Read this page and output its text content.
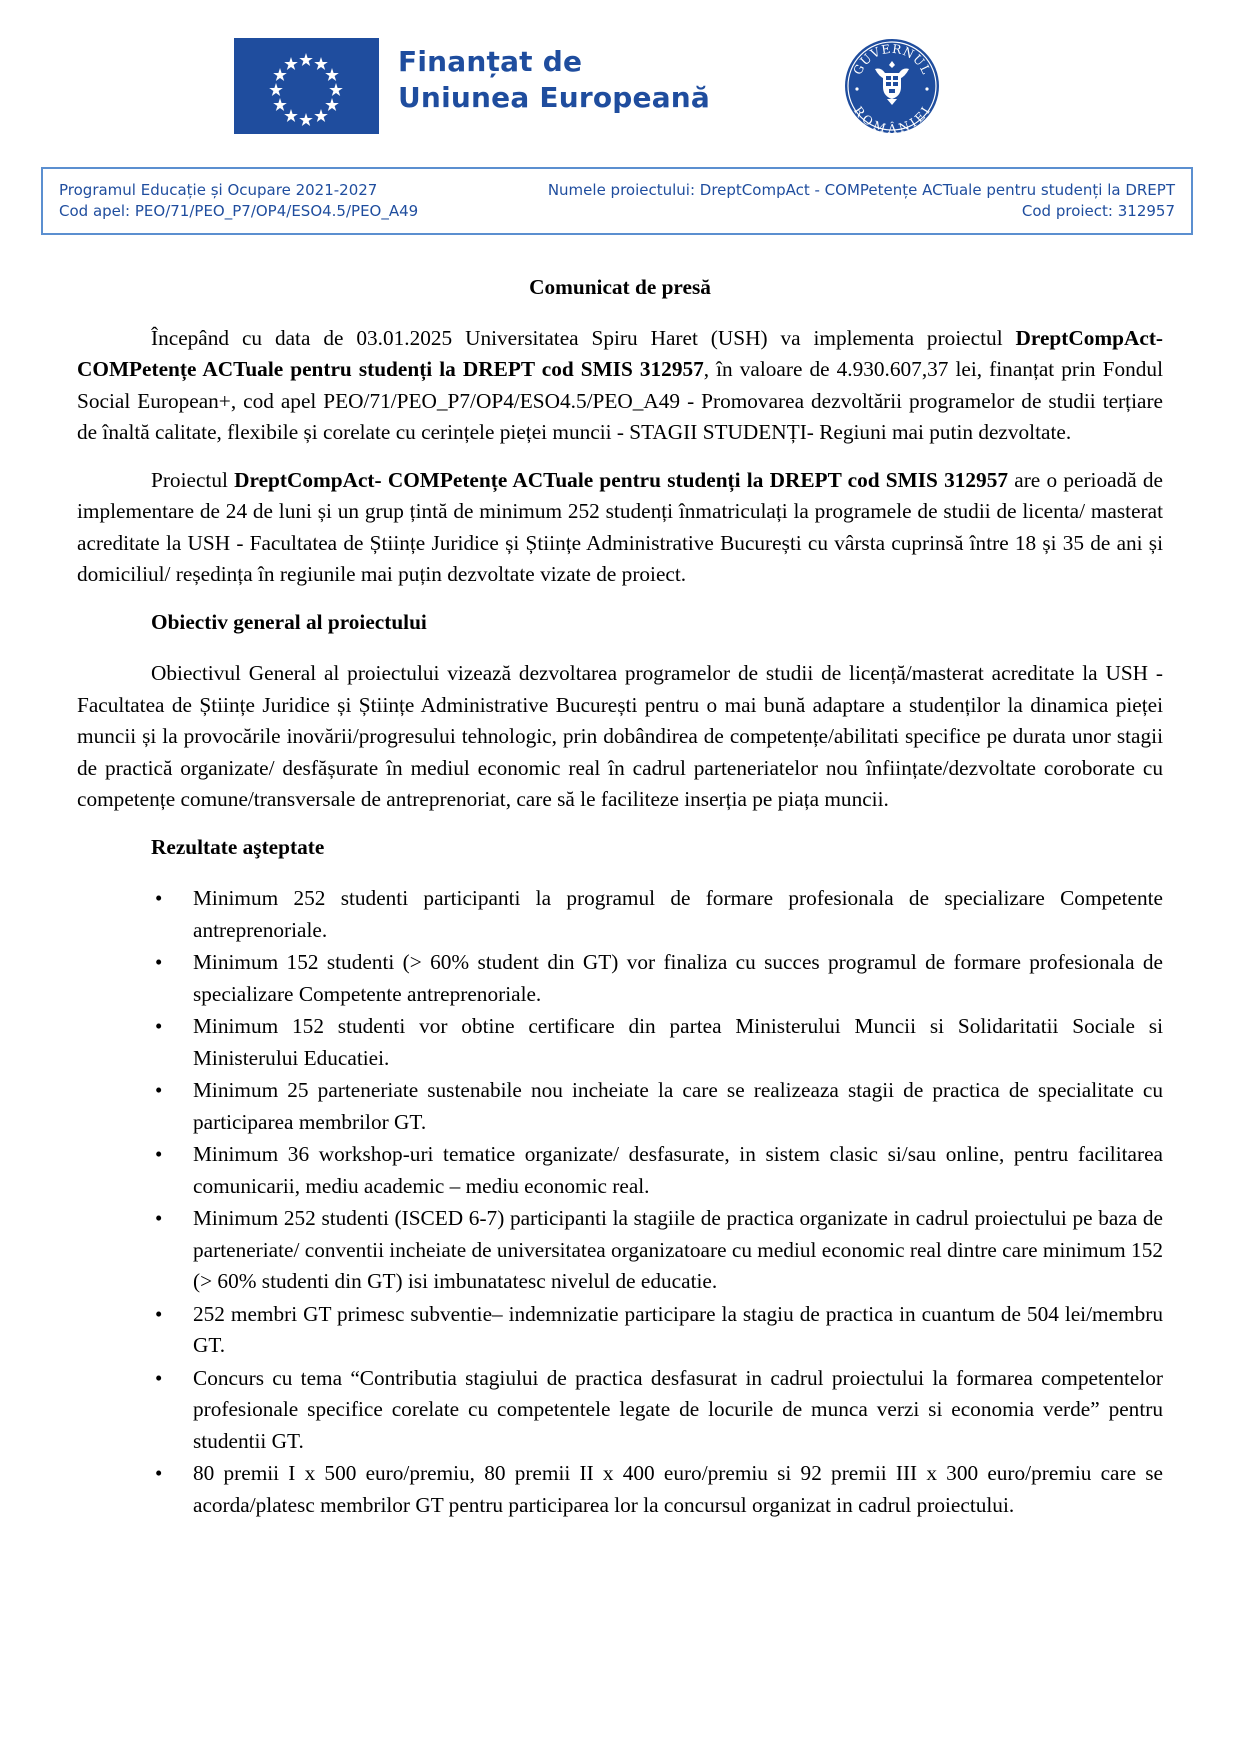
Finanțat de
Uniunea Europeană
GUVERNUL
ROMÂNIEI
Programul Educație și Ocupare 2021-2027
Cod apel: PEO/71/PEO_P7/OP4/ESO4.5/PEO_A49
Numele proiectului: DreptCompAct - COMPetențe ACTuale pentru studenți la DREPT
Cod proiect: 312957
Comunicat de presă

Începând cu data de 03.01.2025 Universitatea Spiru Haret (USH) va implementa proiectul DreptCompAct- COMPetențe ACTuale pentru studenți la DREPT cod SMIS 312957, în valoare de 4.930.607,37 lei, finanțat prin Fondul Social European+, cod apel PEO/71/PEO_P7/OP4/ESO4.5/PEO_A49 - Promovarea dezvoltării programelor de studii terțiare de înaltă calitate, flexibile și corelate cu cerințele pieței muncii - STAGII STUDENȚI- Regiuni mai putin dezvoltate.

Proiectul DreptCompAct- COMPetențe ACTuale pentru studenți la DREPT cod SMIS 312957 are o perioadă de implementare de 24 de luni și un grup țintă de minimum 252 studenți înmatriculați la programele de studii de licenta/ masterat acreditate la USH - Facultatea de Științe Juridice și Științe Administrative București cu vârsta cuprinsă între 18 și 35 de ani și domiciliul/ reședința în regiunile mai puțin dezvoltate vizate de proiect.

Obiectiv general al proiectului

Obiectivul General al proiectului vizează dezvoltarea programelor de studii de licență/masterat acreditate la USH - Facultatea de Științe Juridice și Științe Administrative București pentru o mai bună adaptare a studenților la dinamica pieței muncii și la provocările inovării/progresului tehnologic, prin dobândirea de competențe/abilitati specifice pe durata unor stagii de practică organizate/ desfășurate în mediul economic real în cadrul parteneriatelor nou înființate/dezvoltate coroborate cu competențe comune/transversale de antreprenoriat, care să le faciliteze inserția pe piața muncii.

Rezultate aşteptate
• Minimum 252 studenti participanti la programul de formare profesionala de specializare Competente antreprenoriale.
• Minimum 152 studenti (> 60% student din GT) vor finaliza cu succes programul de formare profesionala de specializare Competente antreprenoriale.
• Minimum 152 studenti vor obtine certificare din partea Ministerului Muncii si Solidaritatii Sociale si Ministerului Educatiei.
• Minimum 25 parteneriate sustenabile nou incheiate la care se realizeaza stagii de practica de specialitate cu participarea membrilor GT.
• Minimum 36 workshop-uri tematice organizate/ desfasurate, in sistem clasic si/sau online, pentru facilitarea comunicarii, mediu academic – mediu economic real.
• Minimum 252 studenti (ISCED 6-7) participanti la stagiile de practica organizate in cadrul proiectului pe baza de parteneriate/ conventii incheiate de universitatea organizatoare cu mediul economic real dintre care minimum 152 (> 60% studenti din GT) isi imbunatatesc nivelul de educatie.
• 252 membri GT primesc subventie– indemnizatie participare la stagiu de practica in cuantum de 504 lei/membru GT.
• Concurs cu tema “Contributia stagiului de practica desfasurat in cadrul proiectului la formarea competentelor profesionale specifice corelate cu competentele legate de locurile de munca verzi si economia verde” pentru studentii GT.
• 80 premii I x 500 euro/premiu, 80 premii II x 400 euro/premiu si 92 premii III x 300 euro/premiu care se acorda/platesc membrilor GT pentru participarea lor la concursul organizat in cadrul proiectului.
